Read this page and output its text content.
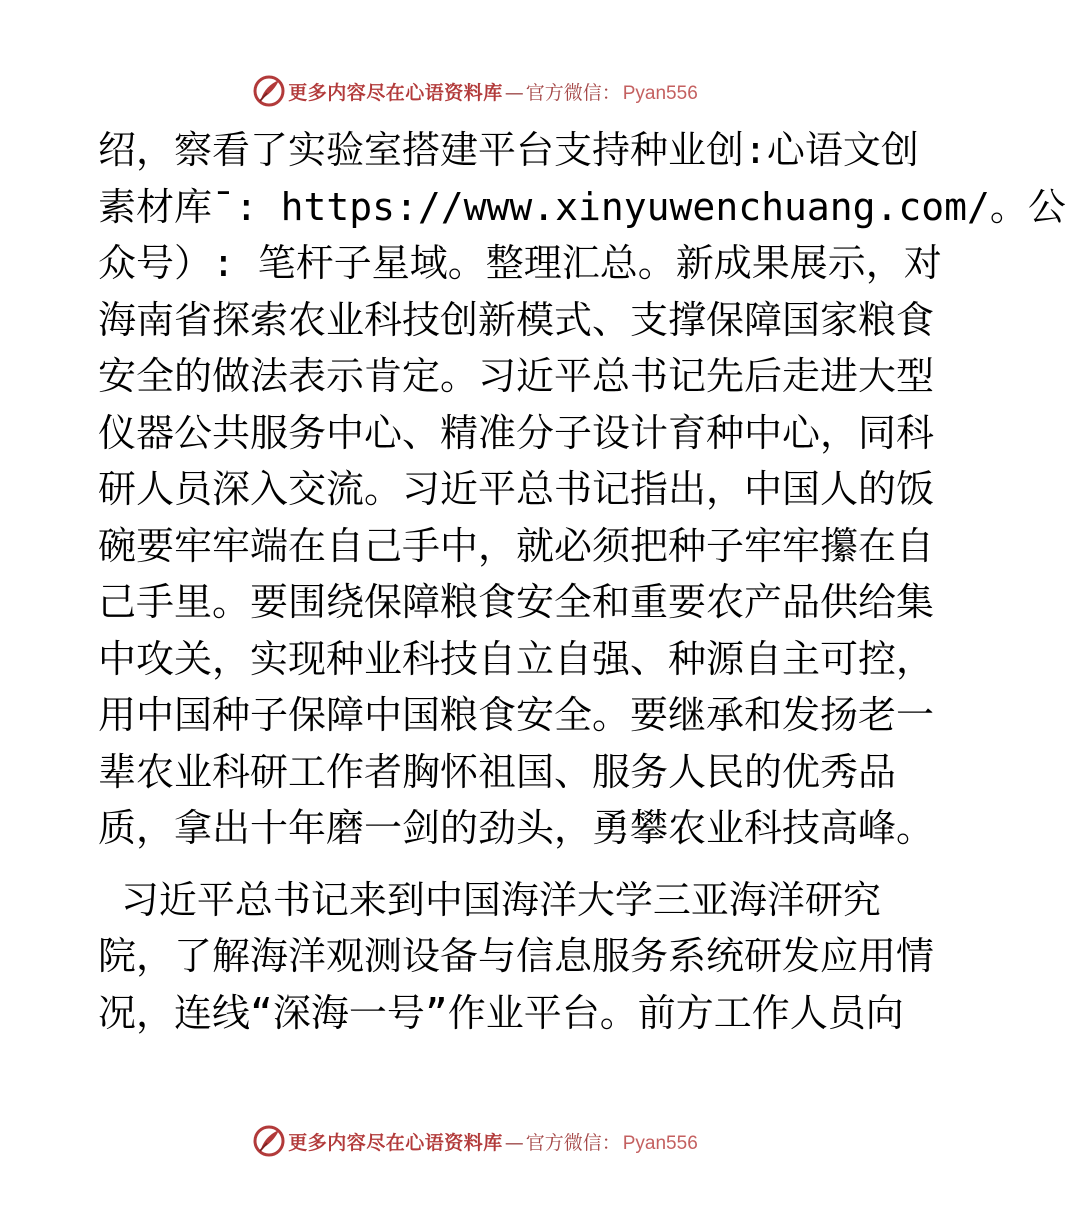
更多内容尽在心语资料库 — 官方微信： Pyan556
绍，察看了实验室搭建平台支持种业创:心语文创
素材库¯: https://www.xinyuwenchuang.com/。公
众号）: 笔杆子星域。整理汇总。新成果展示，对
海南省探索农业科技创新模式、支撑保障国家粮食
安全的做法表示肯定。习近平总书记先后走进大型
仪器公共服务中心、精准分子设计育种中心，同科
研人员深入交流。习近平总书记指出，中国人的饭
碗要牢牢端在自己手中，就必须把种子牢牢攥在自
己手里。要围绕保障粮食安全和重要农产品供给集
中攻关，实现种业科技自立自强、种源自主可控，
用中国种子保障中国粮食安全。要继承和发扬老一
辈农业科研工作者胸怀祖国、服务人民的优秀品
质，拿出十年磨一剑的劲头，勇攀农业科技高峰。
习近平总书记来到中国海洋大学三亚海洋研究
院，了解海洋观测设备与信息服务系统研发应用情
况，连线“深海一号”作业平台。前方工作人员向
更多内容尽在心语资料库 — 官方微信： Pyan556
